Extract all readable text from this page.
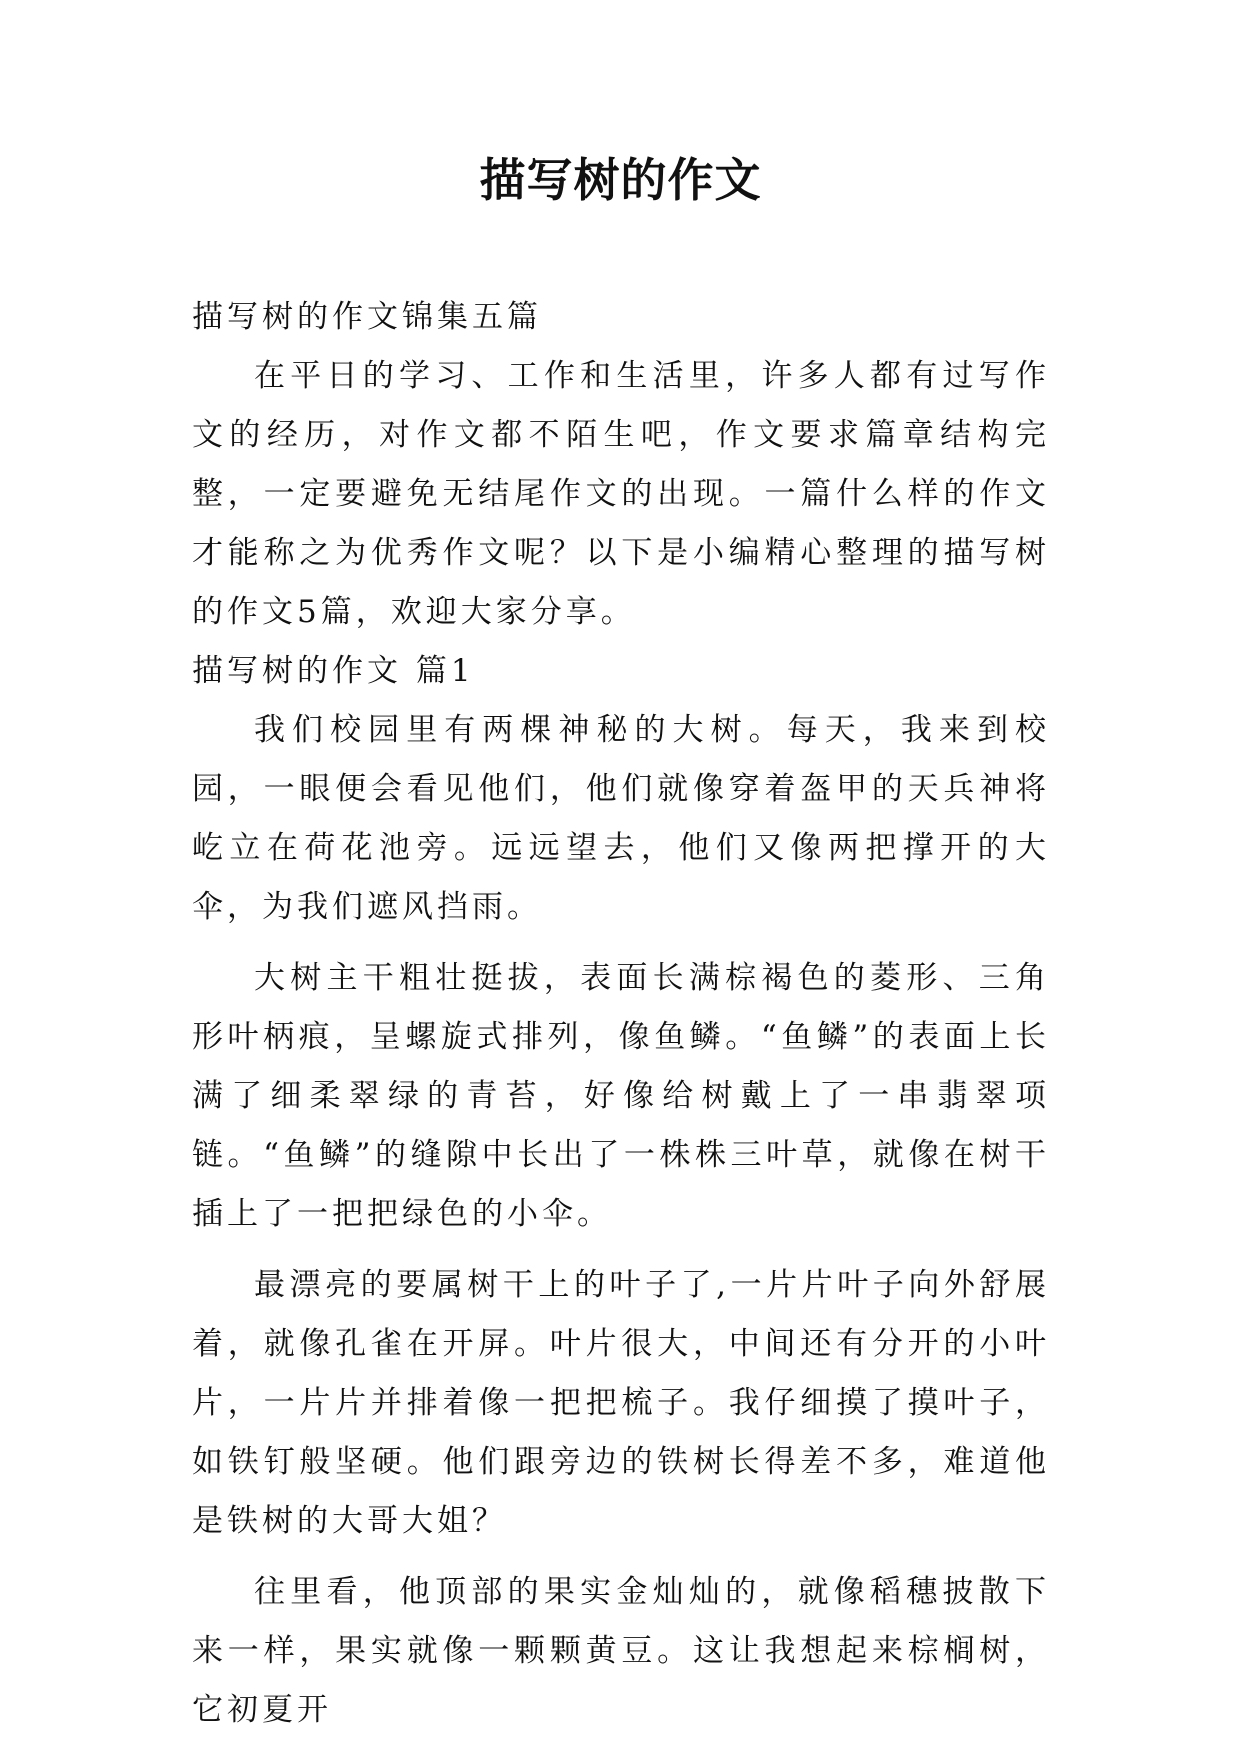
描写树的作文

描写树的作文锦集五篇

在平日的学习、工作和生活里，许多人都有过写作文的经历，对作文都不陌生吧，作文要求篇章结构完整，一定要避免无结尾作文的出现。一篇什么样的作文才能称之为优秀作文呢？以下是小编精心整理的描写树的作文5篇，欢迎大家分享。

描写树的作文 篇1

我们校园里有两棵神秘的大树。每天，我来到校园，一眼便会看见他们，他们就像穿着盔甲的天兵神将屹立在荷花池旁。远远望去，他们又像两把撑开的大伞，为我们遮风挡雨。

大树主干粗壮挺拔，表面长满棕褐色的菱形、三角形叶柄痕，呈螺旋式排列，像鱼鳞。“鱼鳞”的表面上长满了细柔翠绿的青苔，好像给树戴上了一串翡翠项链。“鱼鳞”的缝隙中长出了一株株三叶草，就像在树干插上了一把把绿色的小伞。

最漂亮的要属树干上的叶子了,一片片叶子向外舒展着，就像孔雀在开屏。叶片很大，中间还有分开的小叶片，一片片并排着像一把把梳子。我仔细摸了摸叶子，如铁钉般坚硬。他们跟旁边的铁树长得差不多，难道他是铁树的大哥大姐？

往里看，他顶部的果实金灿灿的，就像稻穗披散下来一样，果实就像一颗颗黄豆。这让我想起来棕榈树，它初夏开
